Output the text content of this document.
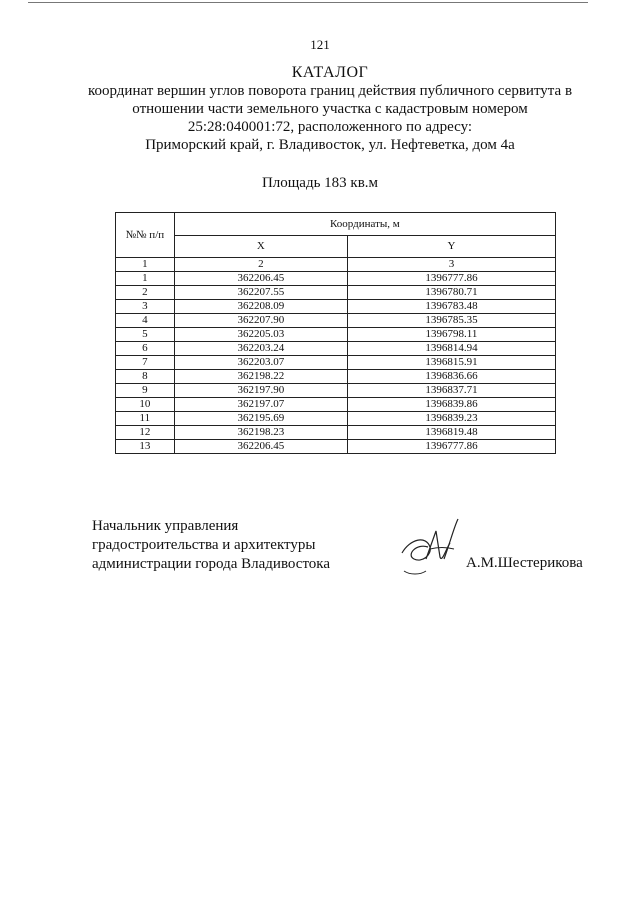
121
КАТАЛОГ
координат вершин углов поворота границ действия публичного сервитута в
отношении части земельного участка с кадастровым номером
25:28:040001:72, расположенного по адресу:
Приморский край, г. Владивосток, ул. Нефтеветка, дом 4а
Площадь 183 кв.м
№№ п/п	Координаты, м	
	X	Y
1	2	3
1	362206.45	1396777.86
2	362207.55	1396780.71
3	362208.09	1396783.48
4	362207.90	1396785.35
5	362205.03	1396798.11
6	362203.24	1396814.94
7	362203.07	1396815.91
8	362198.22	1396836.66
9	362197.90	1396837.71
10	362197.07	1396839.86
11	362195.69	1396839.23
12	362198.23	1396819.48
13	362206.45	1396777.86
Начальник управления
градостроительства и архитектуры
администрации города Владивостока	А.М.Шестерикова
